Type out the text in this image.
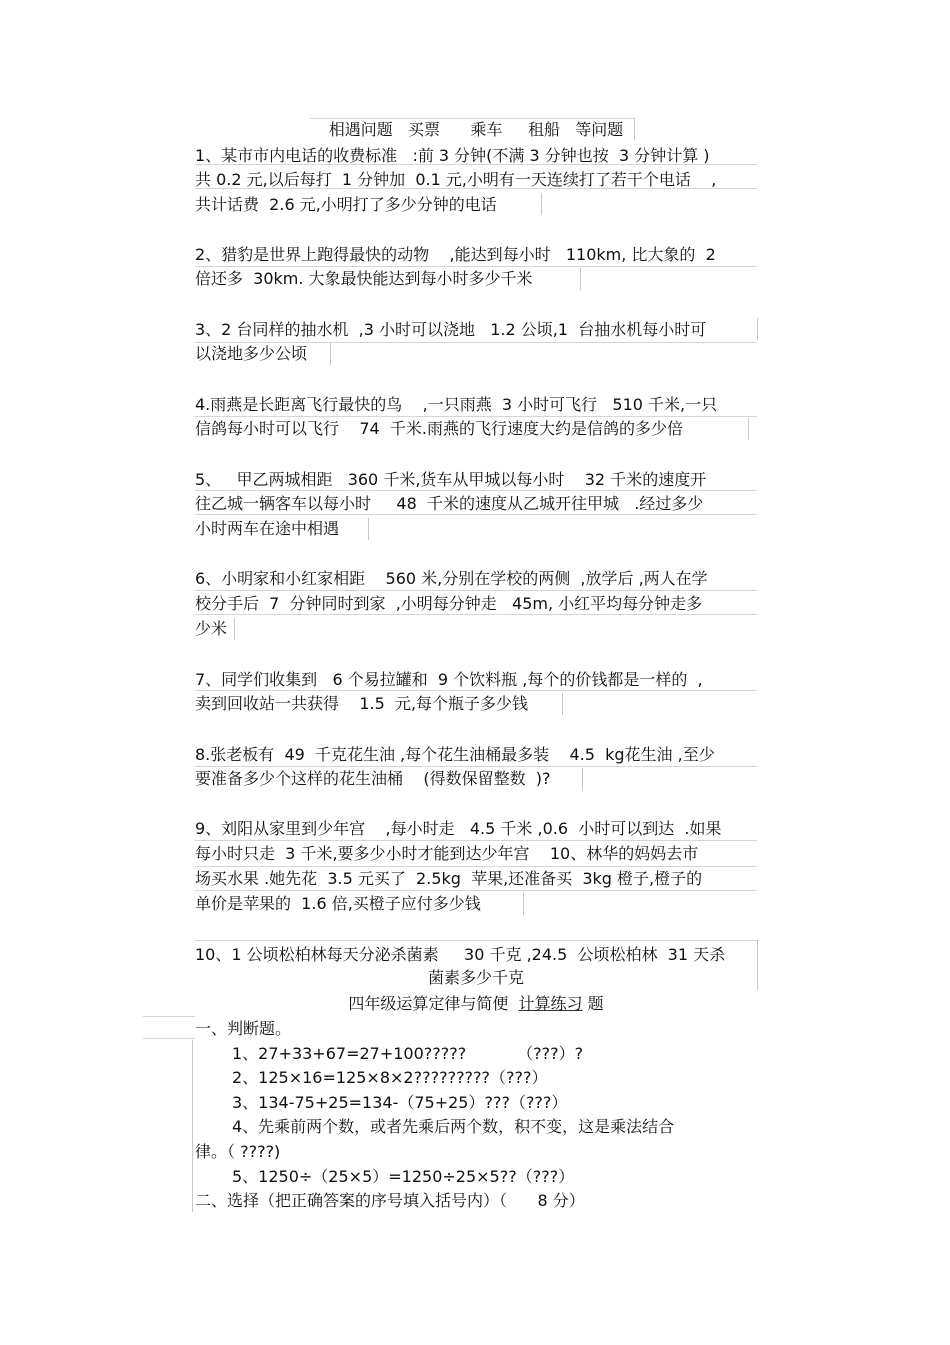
相遇问题   买票      乘车     租船   等问题

1、某市市内电话的收费标准   :前 3 分钟(不满 3 分钟也按  3 分钟计算 )

共 0.2 元,以后每打  1 分钟加  0.1 元,小明有一天连续打了若干个电话    ,

共计话费  2.6 元,小明打了多少分钟的电话

2、猎豹是世界上跑得最快的动物    ,能达到每小时   110km, 比大象的  2

倍还多  30km. 大象最快能达到每小时多少千米

3、2 台同样的抽水机  ,3 小时可以浇地   1.2 公顷,1  台抽水机每小时可

以浇地多少公顷

4.雨燕是长距离飞行最快的鸟    ,一只雨燕  3 小时可飞行   510 千米,一只

信鸽每小时可以飞行    74  千米.雨燕的飞行速度大约是信鸽的多少倍

5、   甲乙两城相距   360 千米,货车从甲城以每小时    32 千米的速度开

往乙城一辆客车以每小时     48  千米的速度从乙城开往甲城   .经过多少

小时两车在途中相遇

6、小明家和小红家相距    560 米,分别在学校的两侧  ,放学后 ,两人在学

校分手后  7  分钟同时到家  ,小明每分钟走   45m, 小红平均每分钟走多

少米

7、同学们收集到   6 个易拉罐和  9 个饮料瓶 ,每个的价钱都是一样的  ,

卖到回收站一共获得    1.5  元,每个瓶子多少钱

8.张老板有  49  千克花生油 ,每个花生油桶最多装    4.5  kg花生油 ,至少

要准备多少个这样的花生油桶    (得数保留整数  )?

9、刘阳从家里到少年宫    ,每小时走   4.5 千米 ,0.6  小时可以到达  .如果

每小时只走  3 千米,要多少小时才能到达少年宫    10、林华的妈妈去市

场买水果 .她先花  3.5 元买了  2.5kg  苹果,还准备买  3kg 橙子,橙子的

单价是苹果的  1.6 倍,买橙子应付多少钱

10、1 公顷松柏林每天分泌杀菌素     30 千克 ,24.5  公顷松柏林  31 天杀

菌素多少千克

四年级运算定律与简便  计算练习 题

一、判断题。

1、27+33+67=27+100?????          （???）?

2、125×16=125×8×2?????????（???）

3、134-75+25=134-（75+25）???（???）

4、先乘前两个数，或者先乘后两个数，积不变，这是乘法结合

律。（ ????)

5、1250÷（25×5）=1250÷25×5??（???）

二、选择（把正确答案的序号填入括号内）（      8 分）
